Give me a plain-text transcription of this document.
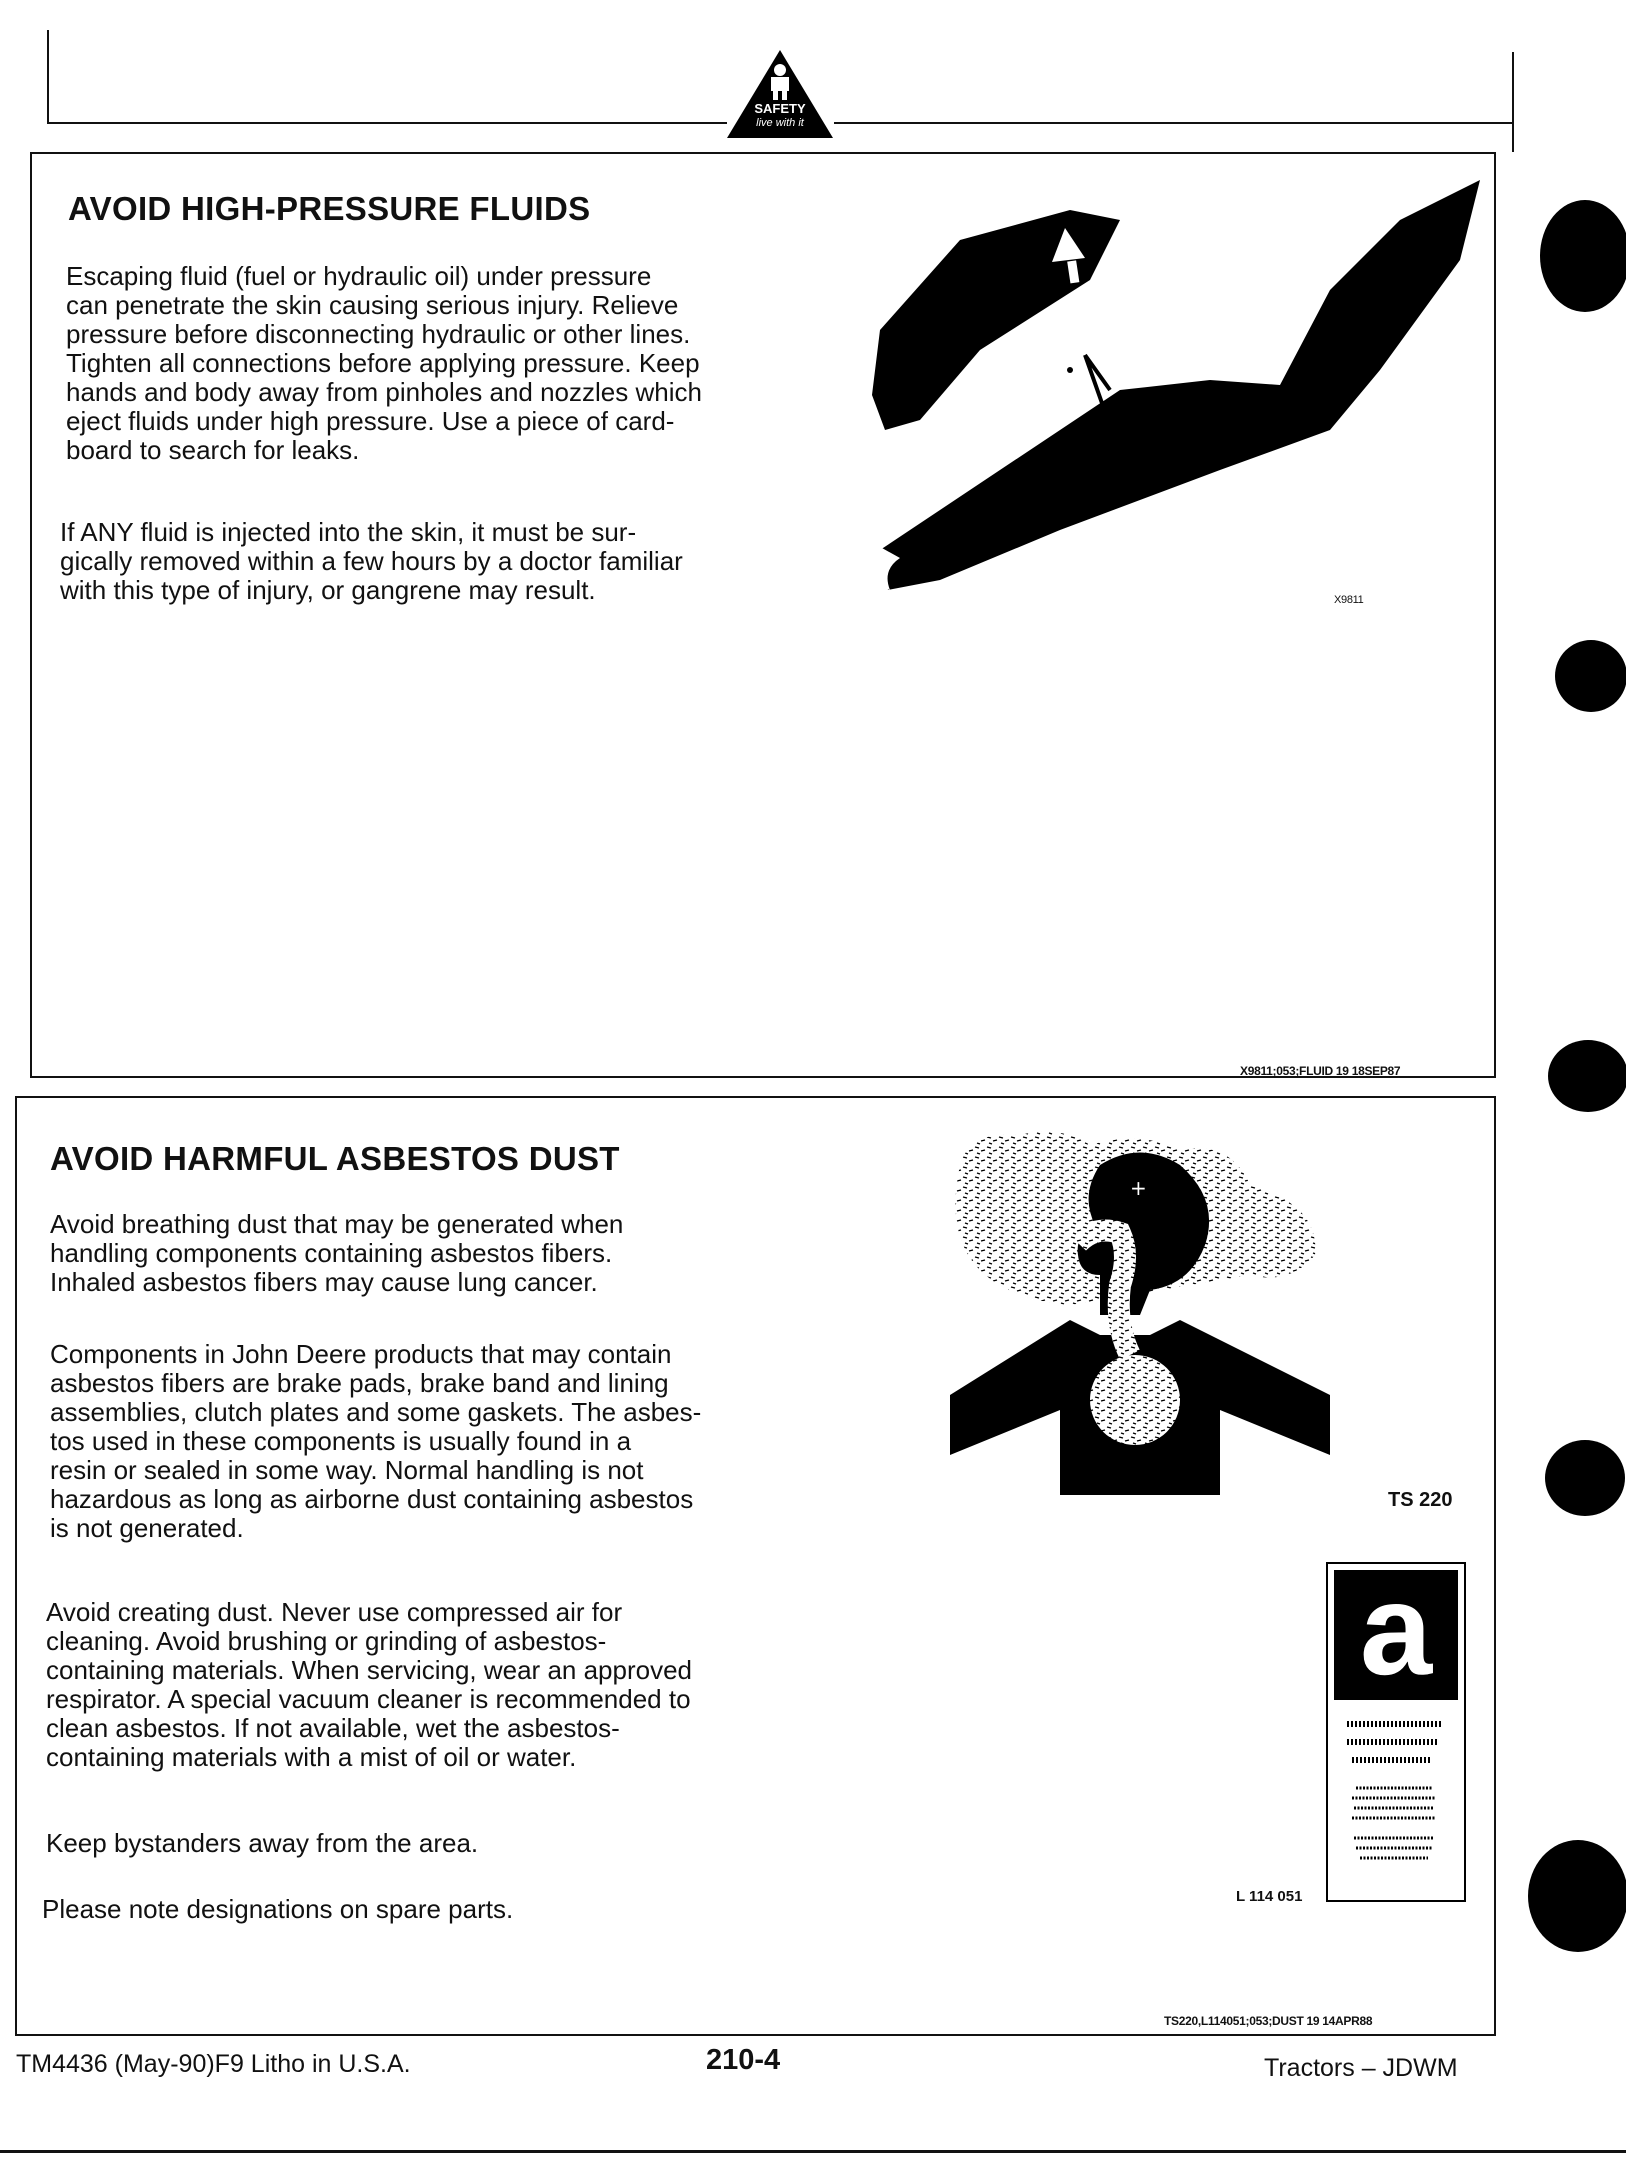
SAFETY
live with it
AVOID HIGH-PRESSURE FLUIDS

Escaping fluid (fuel or hydraulic oil) under pressure
can penetrate the skin causing serious injury. Relieve
pressure before disconnecting hydraulic or other lines.
Tighten all connections before applying pressure. Keep
hands and body away from pinholes and nozzles which
eject fluids under high pressure. Use a piece of card-
board to search for leaks.

If ANY fluid is injected into the skin, it must be sur-
gically removed within a few hours by a doctor familiar
with this type of injury, or gangrene may result.	X9811
X9811;053;FLUID 19 18SEP87
AVOID HARMFUL ASBESTOS DUST

Avoid breathing dust that may be generated when
handling components containing asbestos fibers.
Inhaled asbestos fibers may cause lung cancer.

Components in John Deere products that may contain
asbestos fibers are brake pads, brake band and lining
assemblies, clutch plates and some gaskets. The asbes-
tos used in these components is usually found in a
resin or sealed in some way. Normal handling is not
hazardous as long as airborne dust containing asbestos
is not generated.

Avoid creating dust. Never use compressed air for
cleaning. Avoid brushing or grinding of asbestos-
containing materials. When servicing, wear an approved
respirator. A special vacuum cleaner is recommended to
clean asbestos. If not available, wet the asbestos-
containing materials with a mist of oil or water.

Keep bystanders away from the area.

Please note designations on spare parts.

+
TS 220
a
L 114 051
TS220,L114051;053;DUST 19 14APR88
TM4436 (May-90)F9 Litho in U.S.A.	210-4	Tractors – JDWM
